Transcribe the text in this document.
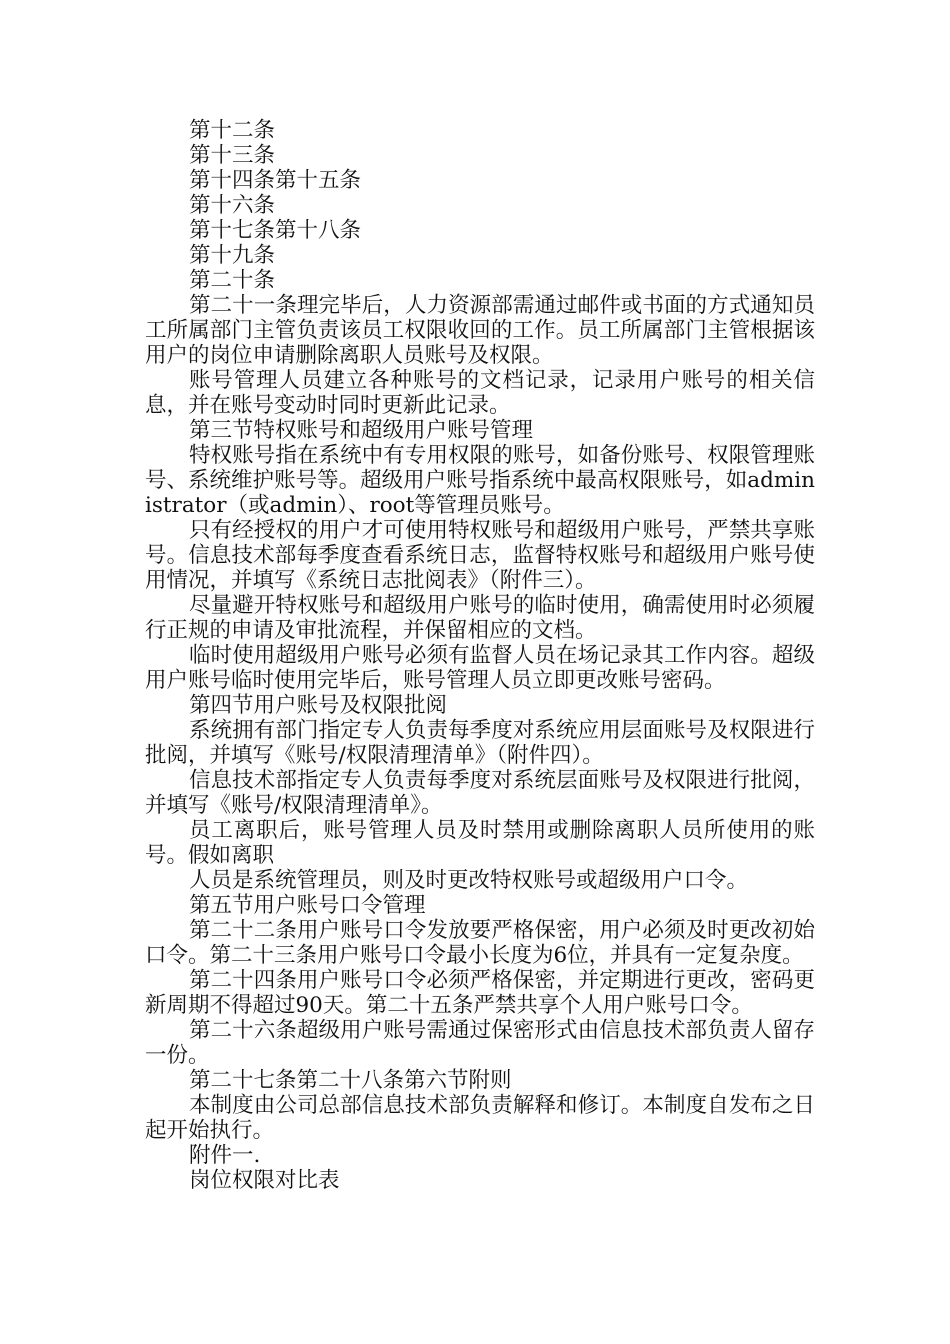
第十二条

第十三条

第十四条第十五条

第十六条

第十七条第十八条

第十九条

第二十条

第二十一条理完毕后，人力资源部需通过邮件或书面的方式通知员工所属部门主管负责该员工权限收回的工作。员工所属部门主管根据该用户的岗位申请删除离职人员账号及权限。

账号管理人员建立各种账号的文档记录，记录用户账号的相关信息，并在账号变动时同时更新此记录。

第三节特权账号和超级用户账号管理

特权账号指在系统中有专用权限的账号，如备份账号、权限管理账号、系统维护账号等。超级用户账号指系统中最高权限账号，如administrator（或admin）、root等管理员账号。

只有经授权的用户才可使用特权账号和超级用户账号，严禁共享账号。信息技术部每季度查看系统日志，监督特权账号和超级用户账号使用情况，并填写《系统日志批阅表》（附件三）。

尽量避开特权账号和超级用户账号的临时使用，确需使用时必须履行正规的申请及审批流程，并保留相应的文档。

临时使用超级用户账号必须有监督人员在场记录其工作内容。超级用户账号临时使用完毕后，账号管理人员立即更改账号密码。

第四节用户账号及权限批阅

系统拥有部门指定专人负责每季度对系统应用层面账号及权限进行批阅，并填写《账号/权限清理清单》（附件四）。

信息技术部指定专人负责每季度对系统层面账号及权限进行批阅，并填写《账号/权限清理清单》。

员工离职后，账号管理人员及时禁用或删除离职人员所使用的账号。假如离职

人员是系统管理员，则及时更改特权账号或超级用户口令。

第五节用户账号口令管理

第二十二条用户账号口令发放要严格保密，用户必须及时更改初始口令。第二十三条用户账号口令最小长度为6位，并具有一定复杂度。

第二十四条用户账号口令必须严格保密，并定期进行更改，密码更新周期不得超过90天。第二十五条严禁共享个人用户账号口令。

第二十六条超级用户账号需通过保密形式由信息技术部负责人留存一份。

第二十七条第二十八条第六节附则

本制度由公司总部信息技术部负责解释和修订。本制度自发布之日起开始执行。

附件一.

岗位权限对比表
